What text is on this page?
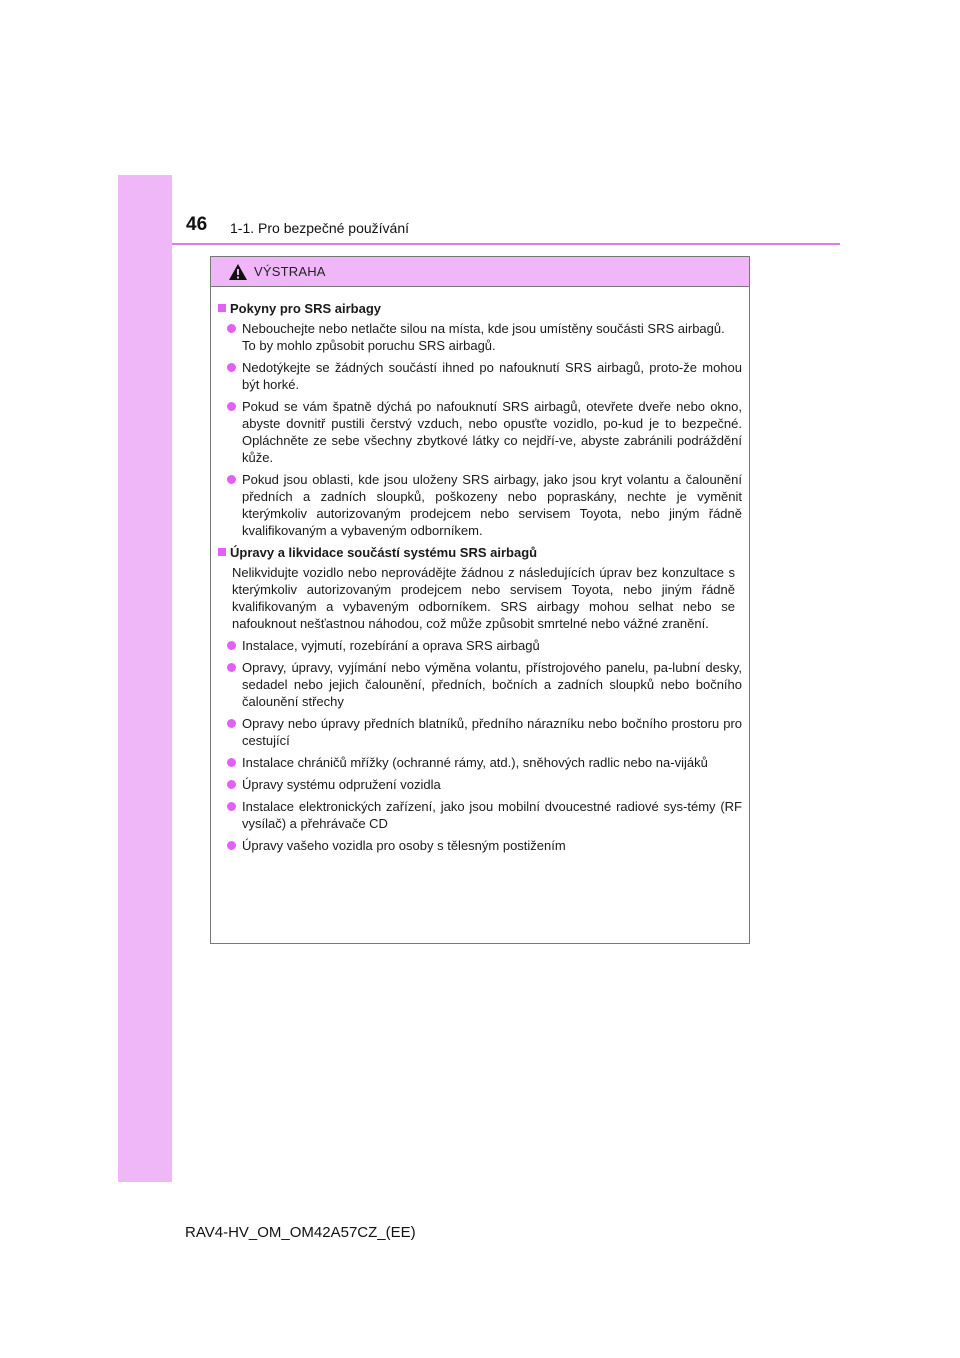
46 1-1. Pro bezpečné používání
VÝSTRAHA
Pokyny pro SRS airbagy
Nebouchejte nebo netlačte silou na místa, kde jsou umístěny součásti SRS airbagů.
To by mohlo způsobit poruchu SRS airbagů.
Nedotýkejte se žádných součástí ihned po nafouknutí SRS airbagů, proto-že mohou být horké.
Pokud se vám špatně dýchá po nafouknutí SRS airbagů, otevřete dveře nebo okno, abyste dovnitř pustili čerstvý vzduch, nebo opusťte vozidlo, po-kud je to bezpečné. Opláchněte ze sebe všechny zbytkové látky co nejdří-ve, abyste zabránili podráždění kůže.
Pokud jsou oblasti, kde jsou uloženy SRS airbagy, jako jsou kryt volantu a čalounění předních a zadních sloupků, poškozeny nebo popraskány, nechte je vyměnit kterýmkoliv autorizovaným prodejcem nebo servisem Toyota, nebo jiným řádně kvalifikovaným a vybaveným odborníkem.
Úpravy a likvidace součástí systému SRS airbagů
Nelikvidujte vozidlo nebo neprovádějte žádnou z následujících úprav bez konzultace s kterýmkoliv autorizovaným prodejcem nebo servisem Toyota, nebo jiným řádně kvalifikovaným a vybaveným odborníkem. SRS airbagy mohou selhat nebo se nafouknout nešťastnou náhodou, což může způsobit smrtelné nebo vážné zranění.
Instalace, vyjmutí, rozebírání a oprava SRS airbagů
Opravy, úpravy, vyjímání nebo výměna volantu, přístrojového panelu, pa-lubní desky, sedadel nebo jejich čalounění, předních, bočních a zadních sloupků nebo bočního čalounění střechy
Opravy nebo úpravy předních blatníků, předního nárazníku nebo bočního prostoru pro cestující
Instalace chráničů mřížky (ochranné rámy, atd.), sněhových radlic nebo na-vijáků
Úpravy systému odpružení vozidla
Instalace elektronických zařízení, jako jsou mobilní dvoucestné radiové sys-témy (RF vysílač) a přehrávače CD
Úpravy vašeho vozidla pro osoby s tělesným postižením
RAV4-HV_OM_OM42A57CZ_(EE)
